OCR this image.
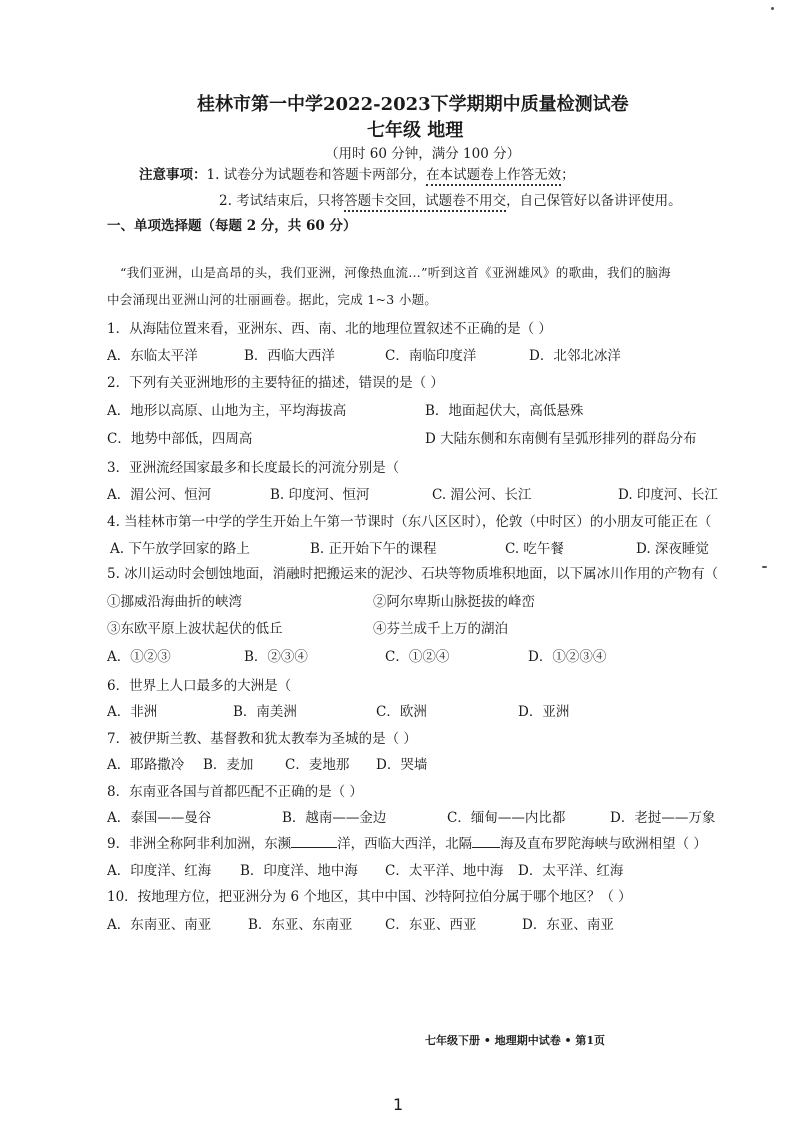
桂林市第一中学2022-2023下学期期中质量检测试卷
七年级 地理
（用时 60 分钟，满分 100 分）
注意事项：1. 试卷分为试题卷和答题卡两部分，在本试题卷上作答无效；
2. 考试结束后，只将答题卡交回，试题卷不用交，自己保管好以备讲评使用。
一、单项选择题（每题 2 分，共 60 分）
“我们亚洲，山是高昂的头，我们亚洲，河像热血流…”听到这首《亚洲雄风》的歌曲，我们的脑海
中会涌现出亚洲山河的壮丽画卷。据此，完成 1~3 小题。
1．从海陆位置来看，亚洲东、西、南、北的地理位置叙述不正确的是（ ）
A．东临太平洋	B．西临大西洋	C．南临印度洋	D．北邻北冰洋
2．下列有关亚洲地形的主要特征的描述，错误的是（ ）
A．地形以高原、山地为主，平均海拔高	B．地面起伏大，高低悬殊
C．地势中部低，四周高	D 大陆东侧和东南侧有呈弧形排列的群岛分布
3．亚洲流经国家最多和长度最长的河流分别是（
A．湄公河、恒河	B. 印度河、恒河	C. 湄公河、长江	D. 印度河、长江
4. 当桂林市第一中学的学生开始上午第一节课时（东八区区时），伦敦（中时区）的小朋友可能正在（
A. 下午放学回家的路上	B. 正开始下午的课程	C. 吃午餐	D. 深夜睡觉
5. 冰川运动时会刨蚀地面，消融时把搬运来的泥沙、石块等物质堆积地面，以下属冰川作用的产物有（
①挪威沿海曲折的峡湾	②阿尔卑斯山脉挺拔的峰峦
③东欧平原上波状起伏的低丘	④芬兰成千上万的湖泊
A．①②③	B．②③④	C．①②④	D．①②③④
6．世界上人口最多的大洲是（
A．非洲	B．南美洲	C．欧洲	D．亚洲
7．被伊斯兰教、基督教和犹太教奉为圣城的是（ ）
A．耶路撒冷 B．麦加 C．麦地那 D．哭墙
8．东南亚各国与首都匹配不正确的是（ ）
A．泰国——曼谷	B．越南——金边	C．缅甸——内比都	D．老挝——万象
9．非洲全称阿非利加洲，东濒	洋，西临大西洋，北隔 海及直布罗陀海峡与欧洲相望（ ）
A．印度洋、红海 B．印度洋、地中海 C．太平洋、地中海 D．太平洋、红海
10．按地理方位，把亚洲分为 6 个地区，其中中国、沙特阿拉伯分属于哪个地区？（ ）
A．东南亚、南亚	B．东亚、东南亚 C．东亚、西亚	D．东亚、南亚
七年级下册 • 地理期中试卷 • 第1页
1
